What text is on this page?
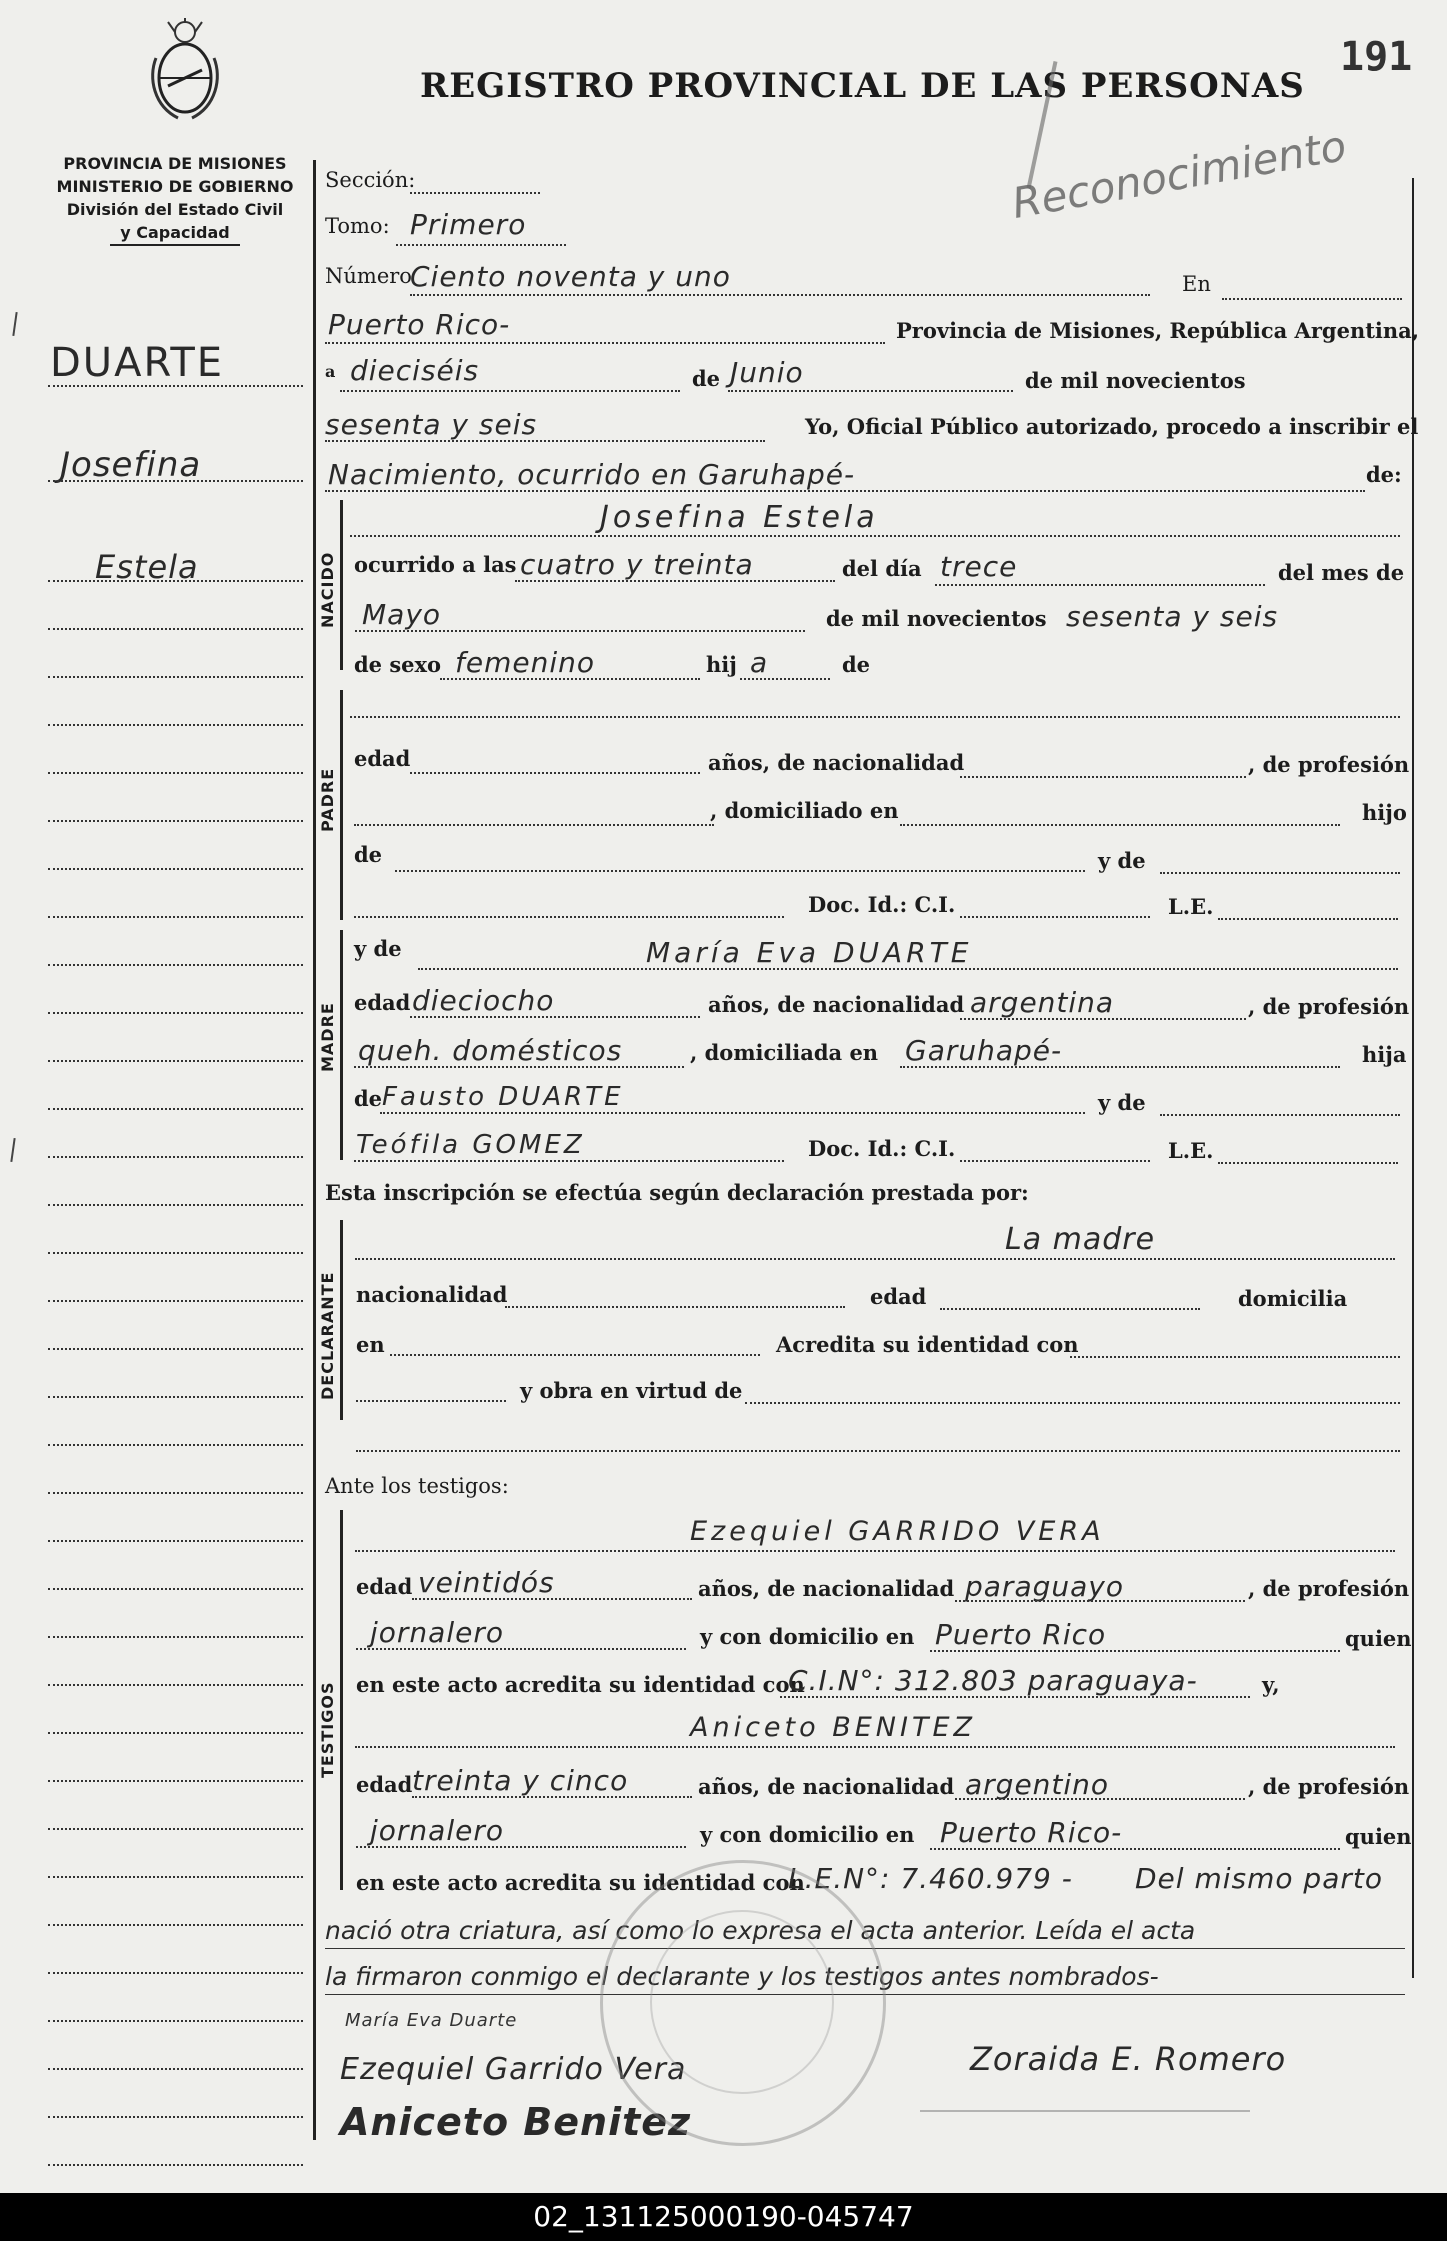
PROVINCIA DE MISIONES
MINISTERIO DE GOBIERNO
División del Estado Civil
y Capacidad
REGISTRO PROVINCIAL DE LAS PERSONAS
191
Reconocimiento
DUARTE
Josefina
Estela
Sección:
Tomo: Primero
Número
Ciento noventa y uno	En
Puerto Rico-	Provincia de Misiones, República Argentina,
a dieciséis	de Junio	de mil novecientos
sesenta y seis	Yo, Oficial Público autorizado, procedo a inscribir el
Nacimiento, ocurrido en Garuhapé-	de:
NACIDO
Josefina Estela
ocurrido a las cuatro y treinta	del día trece	del mes de
Mayo	de mil novecientos sesenta y seis
de sexo femenino	hij a	de
PADRE
edad	años, de nacionalidad	, de profesión
, domiciliado en	hijo
de	y de
Doc. Id.: C.I.	L.E.
MADRE
y de	María Eva DUARTE
edad dieciocho	años, de nacionalidad argentina	, de profesión
queh. domésticos	, domiciliada en Garuhapé-	hija
de Fausto DUARTE	y de
Teófila GOMEZ	Doc. Id.: C.I.	L.E.
Esta inscripción se efectúa según declaración prestada por:
DECLARANTE
La madre
nacionalidad	edad	domicilia
en	Acredita su identidad con
y obra en virtud de
Ante los testigos:
TESTIGOS
Ezequiel GARRIDO VERA
edad veintidós	años, de nacionalidad paraguayo	, de profesión
jornalero	y con domicilio en Puerto Rico	quien
en este acto acredita su identidad con
C.I.N°: 312.803 paraguaya-	y,
Aniceto BENITEZ
edad treinta y cinco	años, de nacionalidad argentino	, de profesión
jornalero	y con domicilio en Puerto Rico-	quien
en este acto acredita su identidad con
L.E.N°: 7.460.979 - Del mismo parto
nació otra criatura, así como lo expresa el acta anterior. Leída el acta
la firmaron conmigo el declarante y los testigos antes nombrados-
María Eva Duarte
Ezequiel Garrido Vera
Aniceto Benitez
Zoraida E. Romero
02_131125000190-045747
